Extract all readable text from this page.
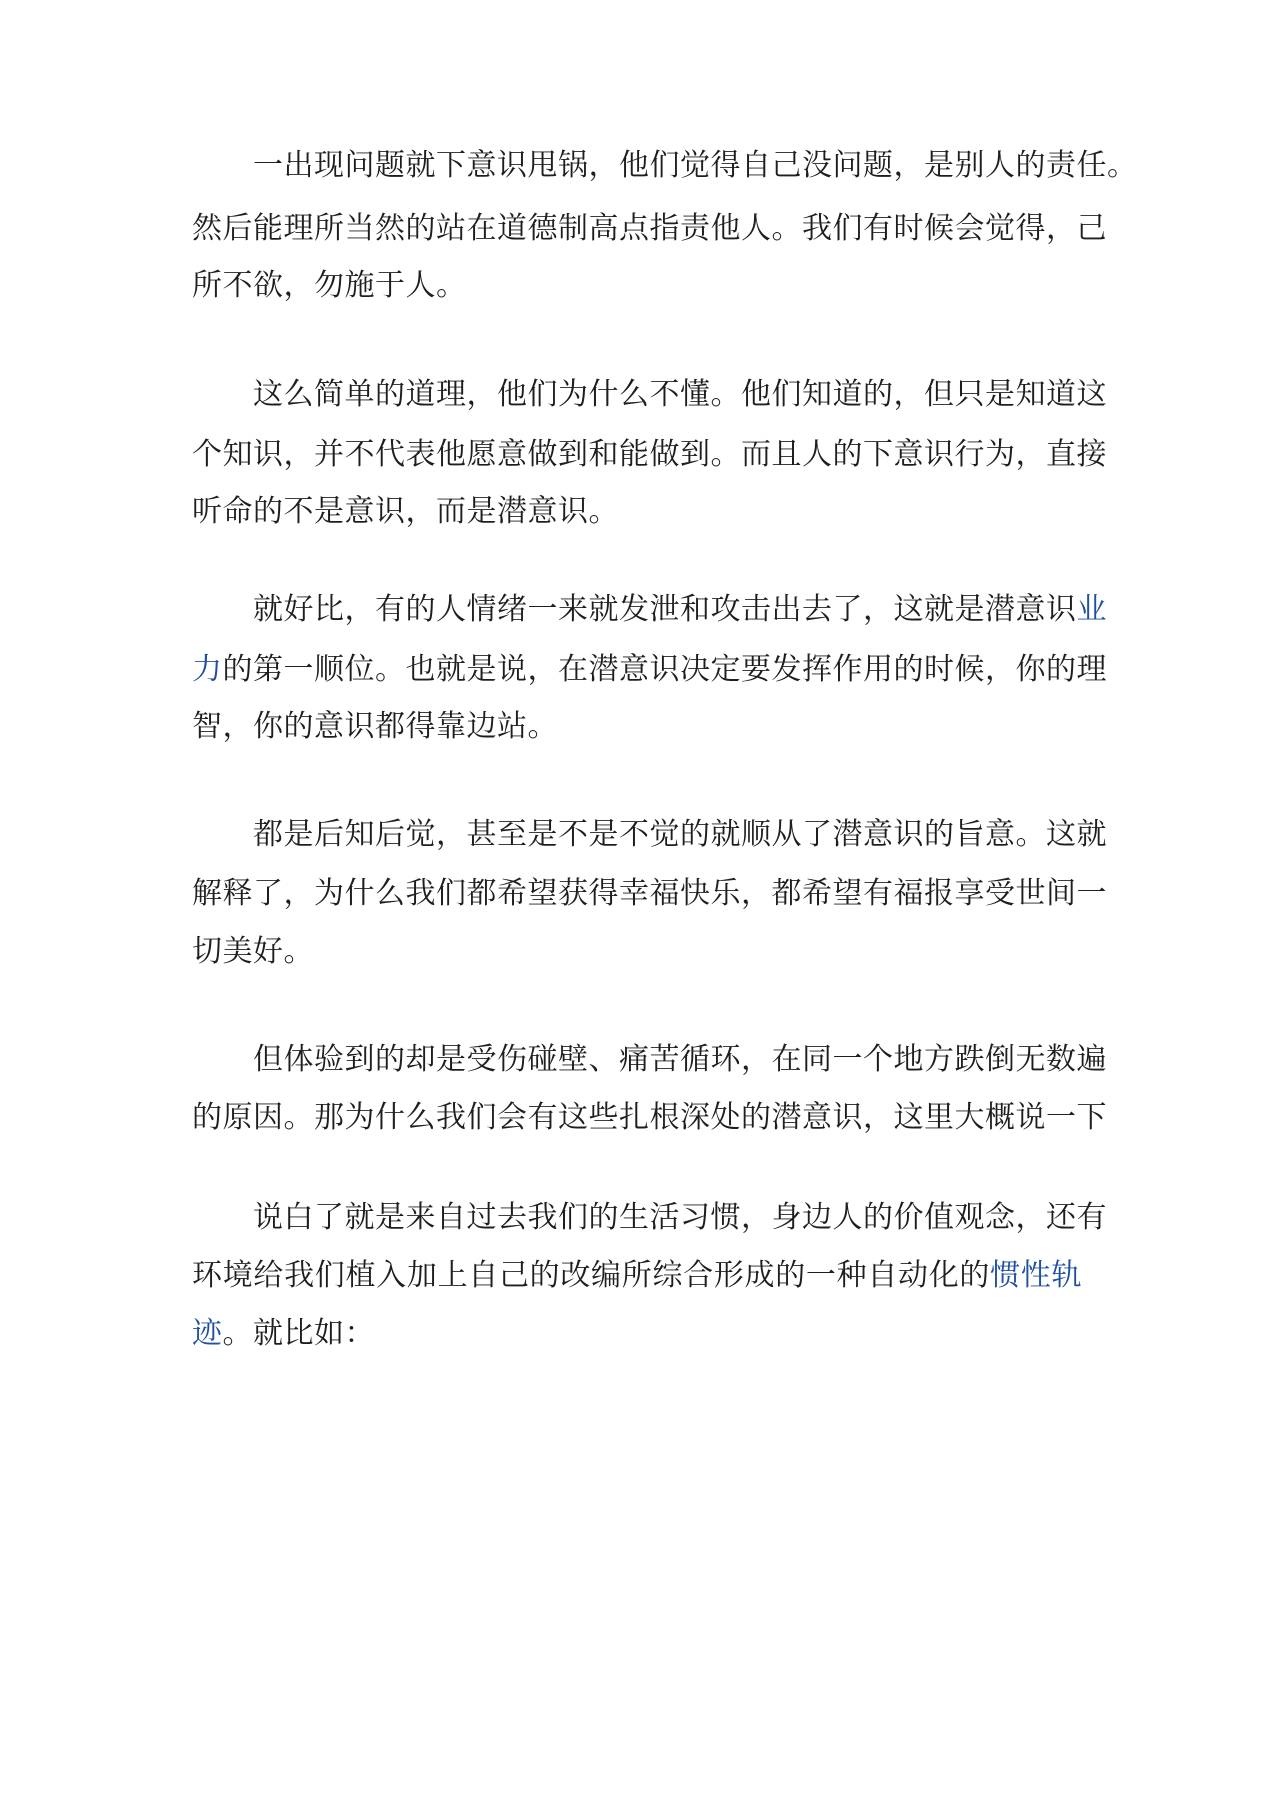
　　一出现问题就下意识甩锅，他们觉得自己没问题，是别人的责任。
然后能理所当然的站在道德制高点指责他人。我们有时候会觉得，己
所不欲，勿施于人。
　　这么简单的道理，他们为什么不懂。他们知道的，但只是知道这
个知识，并不代表他愿意做到和能做到。而且人的下意识行为，直接
听命的不是意识，而是潜意识。
　　就好比，有的人情绪一来就发泄和攻击出去了，这就是潜意识业
力的第一顺位。也就是说，在潜意识决定要发挥作用的时候，你的理
智，你的意识都得靠边站。
　　都是后知后觉，甚至是不是不觉的就顺从了潜意识的旨意。这就
解释了，为什么我们都希望获得幸福快乐，都希望有福报享受世间一
切美好。
　　但体验到的却是受伤碰壁、痛苦循环，在同一个地方跌倒无数遍
的原因。那为什么我们会有这些扎根深处的潜意识，这里大概说一下
　　说白了就是来自过去我们的生活习惯，身边人的价值观念，还有
环境给我们植入加上自己的改编所综合形成的一种自动化的惯性轨
迹。就比如：
